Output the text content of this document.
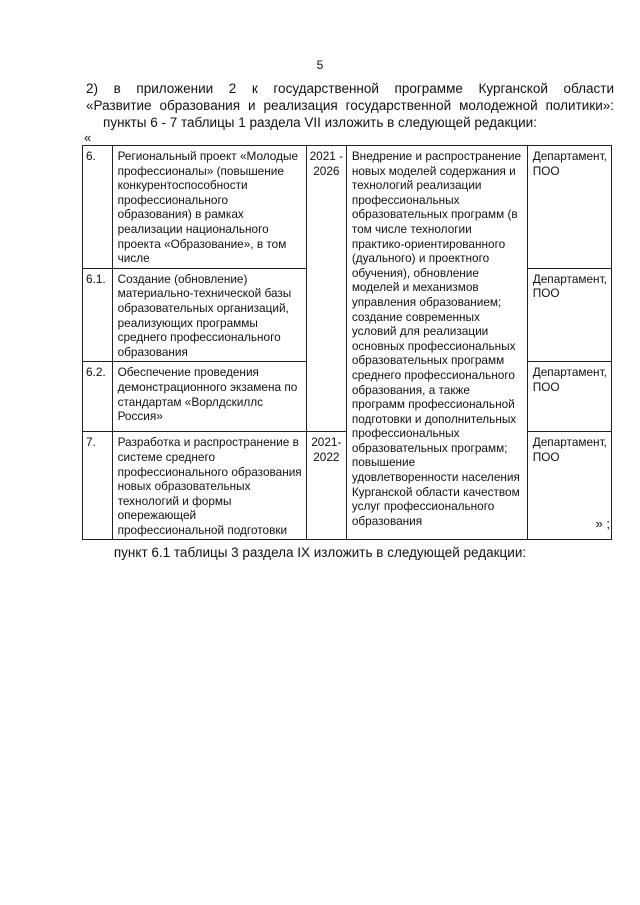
5
2) в приложении 2 к государственной программе Курганской области
«Развитие образования и реализация государственной молодежной политики»:
пункты 6 - 7 таблицы 1 раздела VII изложить в следующей редакции:
«
6.	Региональный проект «Молодые профессионалы» (повышение конкурентоспособности профессионального образования) в рамках реализации национального проекта «Образование», в том числе	2021 - 2026	Внедрение и распространение новых моделей содержания и технологий реализации профессиональных образовательных программ (в том числе технологии практико-ориентированного (дуального) и проектного обучения), обновление моделей и механизмов управления образованием; создание современных условий для реализации основных профессиональных образовательных программ среднего профессионального образования, а также программ профессиональной подготовки и дополнительных профессиональных образовательных программ; повышение удовлетворенности населения Курганской области качеством услуг профессионального образования	Департамент, ПОО
6.1.	Создание (обновление) материально-технической базы образовательных организаций, реализующих программы среднего профессионального образования			Департамент, ПОО
6.2.	Обеспечение проведения демонстрационного экзамена по стандартам «Ворлдскиллс Россия»			Департамент, ПОО
7.	Разработка и распространение в системе среднего профессионального образования новых образовательных технологий и формы опережающей профессиональной подготовки	2021-2022		Департамент, ПОО
» ;
пункт 6.1 таблицы 3 раздела IX изложить в следующей редакции:
